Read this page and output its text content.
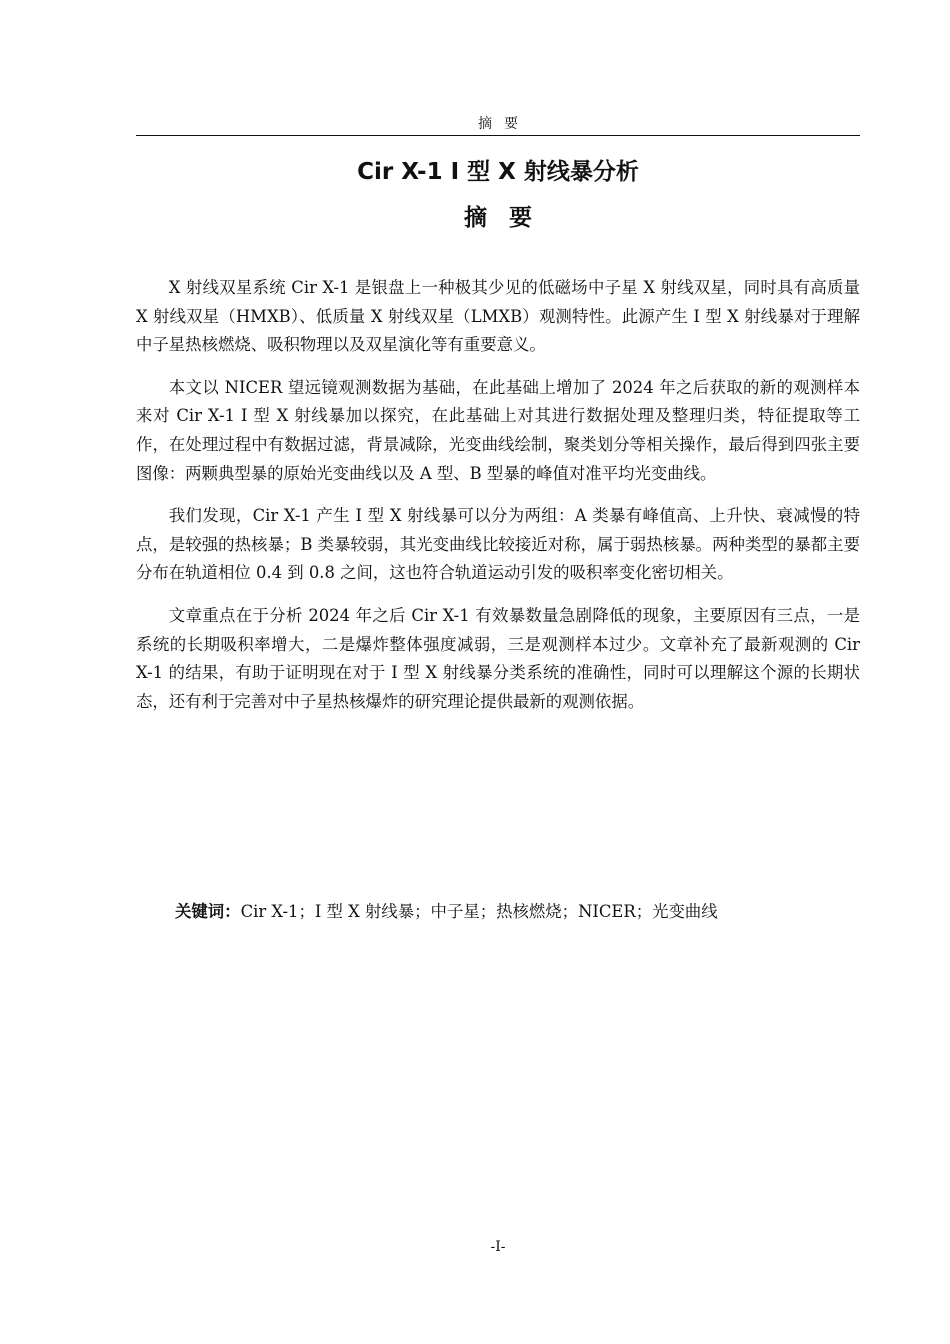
摘要
Cir X-1 I 型 X 射线暴分析
摘要

X 射线双星系统 Cir X-1 是银盘上一种极其少见的低磁场中子星 X 射线双星，同时具有高质量 X 射线双星（HMXB）、低质量 X 射线双星（LMXB）观测特性。此源产生 I 型 X 射线暴对于理解中子星热核燃烧、吸积物理以及双星演化等有重要意义。

本文以 NICER 望远镜观测数据为基础，在此基础上增加了 2024 年之后获取的新的观测样本来对 Cir X-1 I 型 X 射线暴加以探究，在此基础上对其进行数据处理及整理归类，特征提取等工作，在处理过程中有数据过滤，背景减除，光变曲线绘制，聚类划分等相关操作，最后得到四张主要图像：两颗典型暴的原始光变曲线以及 A 型、B 型暴的峰值对准平均光变曲线。

我们发现，Cir X-1 产生 I 型 X 射线暴可以分为两组：A 类暴有峰值高、上升快、衰减慢的特点，是较强的热核暴；B 类暴较弱，其光变曲线比较接近对称，属于弱热核暴。两种类型的暴都主要分布在轨道相位 0.4 到 0.8 之间，这也符合轨道运动引发的吸积率变化密切相关。

文章重点在于分析 2024 年之后 Cir X-1 有效暴数量急剧降低的现象，主要原因有三点，一是系统的长期吸积率增大，二是爆炸整体强度减弱，三是观测样本过少。文章补充了最新观测的 Cir X-1 的结果，有助于证明现在对于 I 型 X 射线暴分类系统的准确性，同时可以理解这个源的长期状态，还有利于完善对中子星热核爆炸的研究理论提供最新的观测依据。

关键词：Cir X-1；I 型 X 射线暴；中子星；热核燃烧；NICER；光变曲线
-I-
